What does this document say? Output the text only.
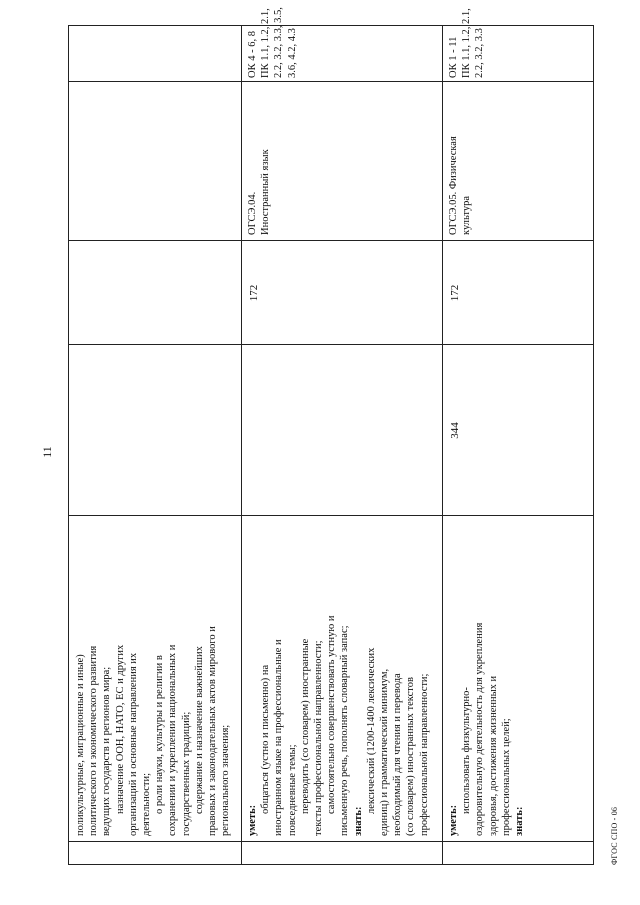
11

поликультурные, миграционные и иные) политического и экономического развития ведущих государств и регионов мира; назначение ООН, НАТО, ЕС и других организаций и основные направления их деятельности; о роли науки, культуры и религии в сохранении и укреплении национальных и государственных традиций; содержание и назначение важнейших правовых и законодательных актов мирового и регионального значения; уметь:

общаться (устно и письменно) на иностранном языке на профессиональные и повседневные темы; переводить (со словарем) иностранные тексты профессиональной направленности; самостоятельно совершенствовать устную и письменную речь, пополнять словарный запас; знать:

лексический (1200-1400 лексических единиц) и грамматический минимум, необходимый для чтения и перевода (со словарем) иностранных текстов профессиональной направленности;

172

ОГСЭ.04. Иностранный язык

ОК 4 - 6, 8 ПК 1.1, 1.2, 2.1, 2.2, 3.2, 3.3, 3.5, 3.6, 4.2, 4.3

уметь:

использовать физкультурно- оздоровительную деятельность для укрепления здоровья, достижения жизненных и профессиональных целей; знать:

344
172

ОГСЭ.05. Физическая культура

ОК 1 - 11 ПК 1.1, 1.2, 2.1, 2.2, 3.2, 3.3

ФГОС СПО - 06
